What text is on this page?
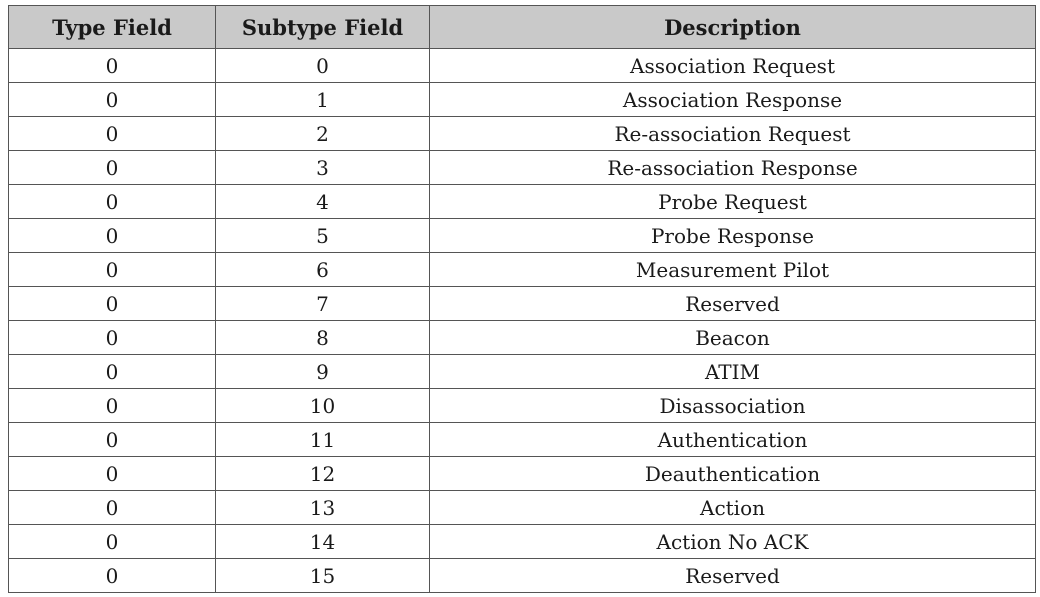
Type Field	Subtype Field	Description
0	0	Association Request
0	1	Association Response
0	2	Re-association Request
0	3	Re-association Response
0	4	Probe Request
0	5	Probe Response
0	6	Measurement Pilot
0	7	Reserved
0	8	Beacon
0	9	ATIM
0	10	Disassociation
0	11	Authentication
0	12	Deauthentication
0	13	Action
0	14	Action No ACK
0	15	Reserved
